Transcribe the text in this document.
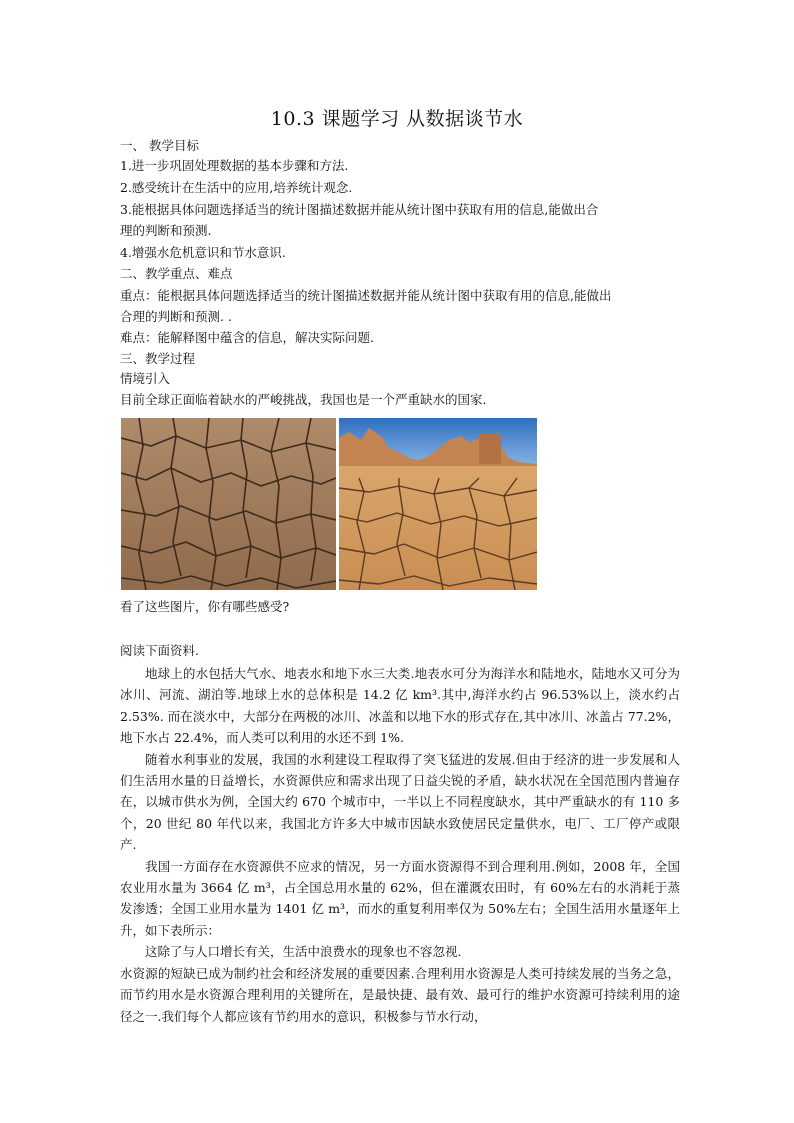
10.3 课题学习 从数据谈节水
一、 教学目标
1.进一步巩固处理数据的基本步骤和方法.
2.感受统计在生活中的应用,培养统计观念.
3.能根据具体问题选择适当的统计图描述数据并能从统计图中获取有用的信息,能做出合
理的判断和预测.
4.增强水危机意识和节水意识.
二、教学重点、难点
重点：能根据具体问题选择适当的统计图描述数据并能从统计图中获取有用的信息,能做出
合理的判断和预测. .
难点：能解释图中蕴含的信息，解决实际问题.
三、教学过程
情境引入
目前全球正面临着缺水的严峻挑战，我国也是一个严重缺水的国家.
看了这些图片，你有哪些感受?
阅读下面资料.

地球上的水包括大气水、地表水和地下水三大类.地表水可分为海洋水和陆地水，陆地水又可分为冰川、河流、湖泊等.地球上水的总体积是 14.2 亿 km³.其中,海洋水约占 96.53%以上，淡水约占 2.53%. 而在淡水中，大部分在两极的冰川、冰盖和以地下水的形式存在,其中冰川、冰盖占 77.2%，地下水占 22.4%，而人类可以利用的水还不到 1%.

随着水利事业的发展，我国的水利建设工程取得了突飞猛进的发展.但由于经济的进一步发展和人们生活用水量的日益增长，水资源供应和需求出现了日益尖锐的矛盾，缺水状况在全国范围内普遍存在，以城市供水为例，全国大约 670 个城市中，一半以上不同程度缺水，其中严重缺水的有 110 多个，20 世纪 80 年代以来，我国北方许多大中城市因缺水致使居民定量供水，电厂、工厂停产或限产.

我国一方面存在水资源供不应求的情况，另一方面水资源得不到合理利用.例如，2008 年，全国农业用水量为 3664 亿 m³，占全国总用水量的 62%，但在灌溉农田时，有 60%左右的水消耗于蒸发渗透；全国工业用水量为 1401 亿 m³，而水的重复利用率仅为 50%左右；全国生活用水量逐年上升，如下表所示：

这除了与人口增长有关，生活中浪费水的现象也不容忽视.

水资源的短缺已成为制约社会和经济发展的重要因素.合理利用水资源是人类可持续发展的当务之急，而节约用水是水资源合理利用的关键所在，是最快捷、最有效、最可行的维护水资源可持续利用的途径之一.我们每个人都应该有节约用水的意识，积极参与节水行动，
